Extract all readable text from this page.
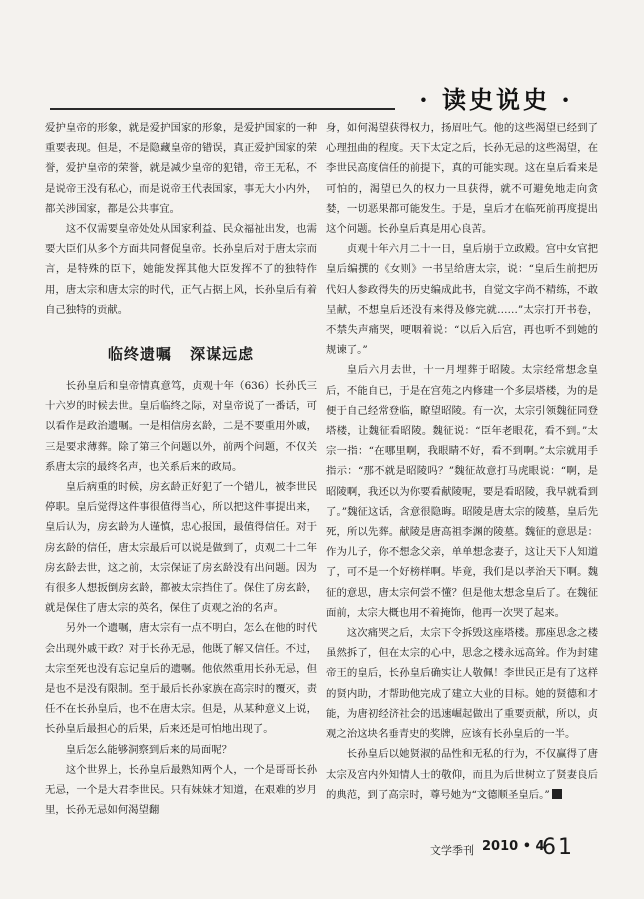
· 读史说史 ·

爱护皇帝的形象，就是爱护国家的形象，是爱护国家的一种重要表现。但是，不是隐藏皇帝的错误，真正爱护国家的荣誉，爱护皇帝的荣誉，就是减少皇帝的犯错，帝王无私，不是说帝王没有私心，而是说帝王代表国家，事无大小内外，都关涉国家，都是公共事宜。

这不仅需要皇帝处处从国家利益、民众福祉出发，也需要大臣们从多个方面共同督促皇帝。长孙皇后对于唐太宗而言，是特殊的臣下，她能发挥其他大臣发挥不了的独特作用，唐太宗和唐太宗的时代，正气占据上风，长孙皇后有着自己独特的贡献。

临终遗嘱 深谋远虑

长孙皇后和皇帝情真意笃，贞观十年（636）长孙氏三十六岁的时候去世。皇后临终之际，对皇帝说了一番话，可以看作是政治遗嘱。一是相信房玄龄，二是不要重用外戚，三是要求薄葬。除了第三个问题以外，前两个问题，不仅关系唐太宗的最终名声，也关系后来的政局。

皇后病重的时候，房玄龄正好犯了一个错儿，被李世民停职。皇后觉得这件事很值得当心，所以把这件事提出来，皇后认为，房玄龄为人谨慎，忠心报国，最值得信任。对于房玄龄的信任，唐太宗最后可以说是做到了，贞观二十二年房玄龄去世，这之前，太宗保证了房玄龄没有出问题。因为有很多人想扳倒房玄龄，都被太宗挡住了。保住了房玄龄，就是保住了唐太宗的英名，保住了贞观之治的名声。

另外一个遗嘱，唐太宗有一点不明白，怎么在他的时代会出现外戚干政？对于长孙无忌，他既了解又信任。不过，太宗至死也没有忘记皇后的遗嘱。他依然重用长孙无忌，但是也不是没有限制。至于最后长孙家族在高宗时的覆灭，责任不在长孙皇后，也不在唐太宗。但是，从某种意义上说，长孙皇后最担心的后果，后来还是可怕地出现了。

皇后怎么能够洞察到后来的局面呢？

这个世界上，长孙皇后最熟知两个人，一个是哥哥长孙无忌，一个是大君李世民。只有妹妹才知道，在艰难的岁月里，长孙无忌如何渴望翻

身，如何渴望获得权力，扬眉吐气。他的这些渴望已经到了心理扭曲的程度。天下太定之后，长孙无忌的这些渴望，在李世民高度信任的前提下，真的可能实现。这在皇后看来是可怕的，渴望已久的权力一旦获得，就不可避免地走向贪婪，一切恶果都可能发生。于是，皇后才在临死前再度提出这个问题。长孙皇后真是用心良苦。

贞观十年六月二十一日，皇后崩于立政殿。宫中女官把皇后编撰的《女则》一书呈给唐太宗，说：“皇后生前把历代妇人参政得失的历史编成此书，自觉文字尚不精练，不敢呈献，不想皇后还没有来得及修完就……”太宗打开书卷，不禁失声痛哭，哽咽着说：“以后入后宫，再也听不到她的规谏了。”

皇后六月去世，十一月埋葬于昭陵。太宗经常想念皇后，不能自已，于是在宫苑之内修建一个多层塔楼，为的是便于自己经常登临，瞭望昭陵。有一次，太宗引领魏征同登塔楼，让魏征看昭陵。魏征说：“臣年老眼花，看不到。”太宗一指：“在哪里啊，我眼睛不好，看不到啊。”太宗就用手指示：“那不就是昭陵吗？”魏征故意打马虎眼说：“啊，是昭陵啊，我还以为你要看献陵呢，要是看昭陵，我早就看到了。”魏征这话，含意很隐晦。昭陵是唐太宗的陵墓，皇后先死，所以先葬。献陵是唐高祖李渊的陵墓。魏征的意思是：作为儿子，你不想念父亲，单单想念妻子，这让天下人知道了，可不是一个好榜样啊。毕竟，我们是以孝治天下啊。魏征的意思，唐太宗何尝不懂？但是他太想念皇后了。在魏征面前，太宗大概也用不着掩饰，他再一次哭了起来。

这次痛哭之后，太宗下令拆毁这座塔楼。那座思念之楼虽然拆了，但在太宗的心中，思念之楼永远高耸。作为封建帝王的皇后，长孙皇后确实让人敬佩！李世民正是有了这样的贤内助，才帮助他完成了建立大业的目标。她的贤德和才能，为唐初经济社会的迅速崛起做出了重要贡献，所以，贞观之治这块名垂青史的奖牌，应该有长孙皇后的一半。

长孙皇后以她贤淑的品性和无私的行为，不仅赢得了唐太宗及宫内外知情人士的敬仰，而且为后世树立了贤妻良后的典范，到了高宗时，尊号她为“文德顺圣皇后。”

文学季刊 2010 • 4
61
